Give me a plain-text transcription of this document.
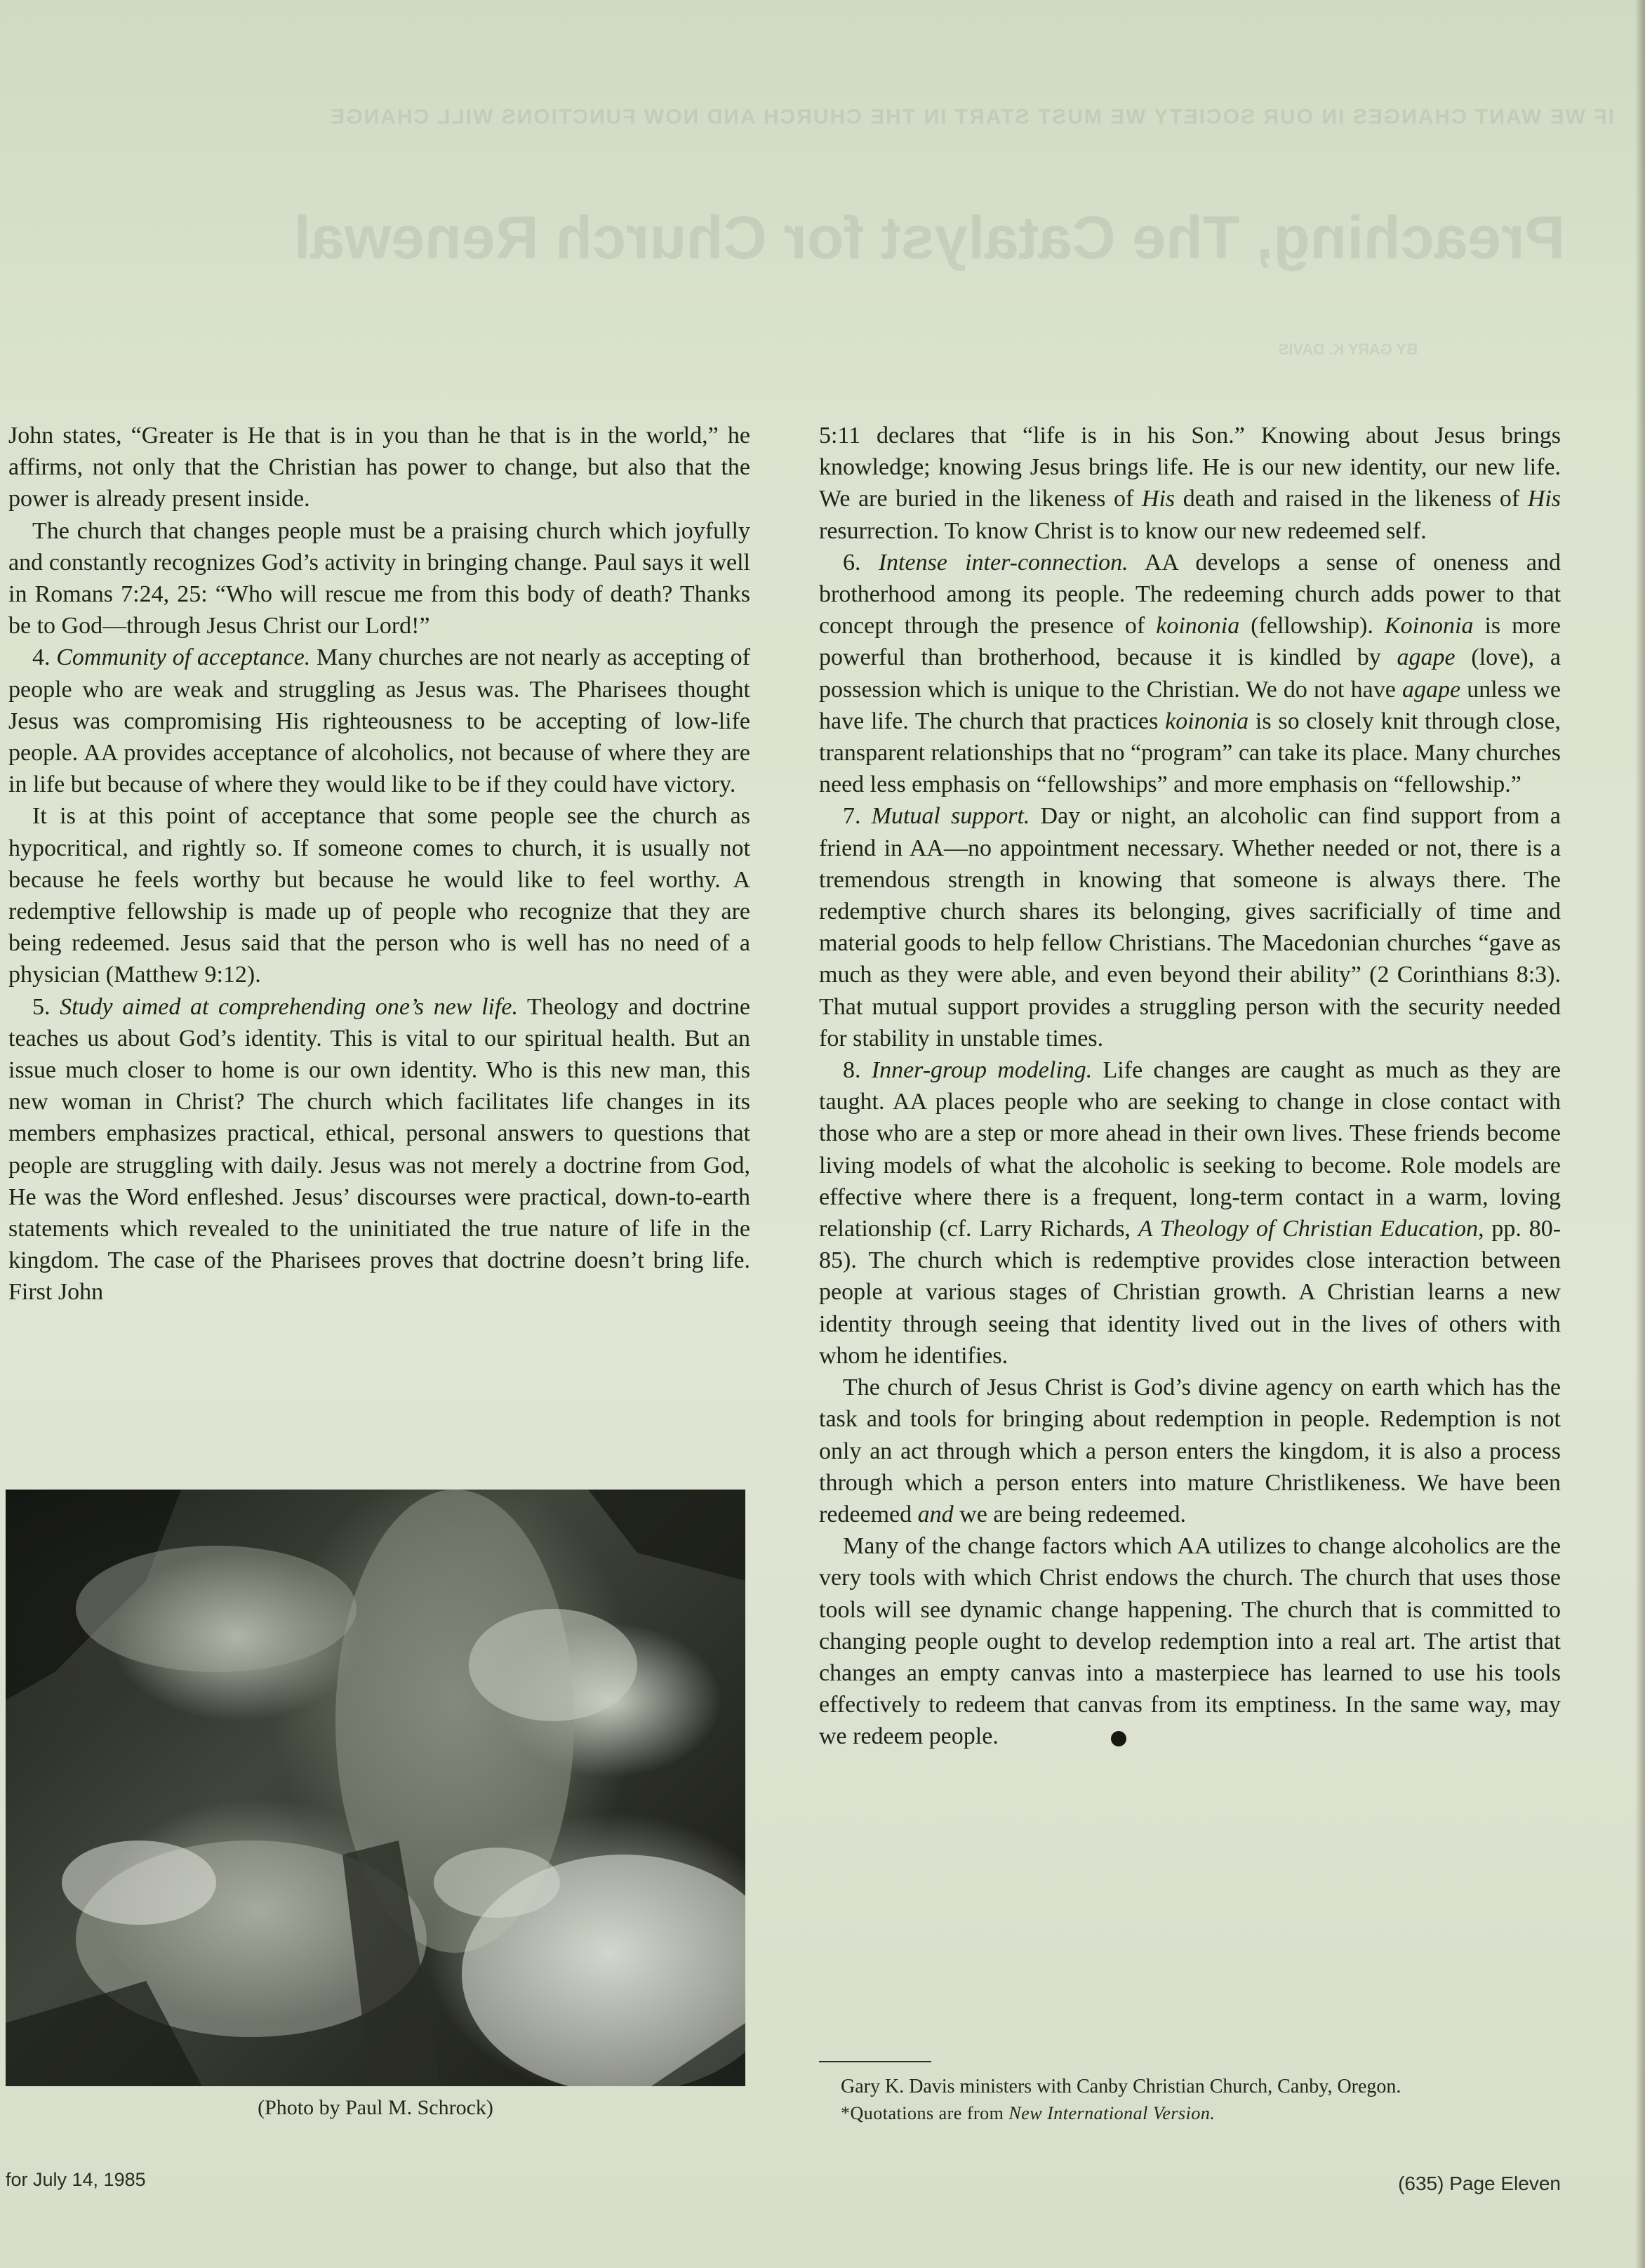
IF WE WANT CHANGES IN OUR SOCIETY WE MUST START IN THE CHURCH AND NOW FUNCTIONS WILL CHANGE
Preaching, The Catalyst for Church Renewal
BY GARY K. DAVIS

John states, “Greater is He that is in you than he that is in the world,” he affirms, not only that the Christian has power to change, but also that the power is already present inside.

The church that changes people must be a praising church which joyfully and constantly recognizes God’s activity in bringing change. Paul says it well in Romans 7:24, 25: “Who will rescue me from this body of death? Thanks be to God—through Jesus Christ our Lord!”

4. Community of acceptance. Many churches are not nearly as accepting of people who are weak and struggling as Jesus was. The Pharisees thought Jesus was compromising His righteousness to be accepting of low-life people. AA provides acceptance of alcoholics, not because of where they are in life but because of where they would like to be if they could have victory.

It is at this point of acceptance that some people see the church as hypocritical, and rightly so. If someone comes to church, it is usually not because he feels worthy but because he would like to feel worthy. A redemptive fellowship is made up of people who recognize that they are being redeemed. Jesus said that the person who is well has no need of a physician (Matthew 9:12).

5. Study aimed at comprehending one’s new life. Theology and doctrine teaches us about God’s identity. This is vital to our spiritual health. But an issue much closer to home is our own identity. Who is this new man, this new woman in Christ? The church which facilitates life changes in its members emphasizes practical, ethical, personal answers to questions that people are struggling with daily. Jesus was not merely a doctrine from God, He was the Word enfleshed. Jesus’ discourses were practical, down-to-earth statements which revealed to the uninitiated the true nature of life in the kingdom. The case of the Pharisees proves that doctrine doesn’t bring life. First John

5:11 declares that “life is in his Son.” Knowing about Jesus brings knowledge; knowing Jesus brings life. He is our new identity, our new life. We are buried in the likeness of His death and raised in the likeness of His resurrection. To know Christ is to know our new redeemed self.

6. Intense inter-connection. AA develops a sense of oneness and brotherhood among its people. The redeeming church adds power to that concept through the presence of koinonia (fellowship). Koinonia is more powerful than brotherhood, because it is kindled by agape (love), a possession which is unique to the Christian. We do not have agape unless we have life. The church that practices koinonia is so closely knit through close, transparent relationships that no “program” can take its place. Many churches need less emphasis on “fellowships” and more emphasis on “fellowship.”

7. Mutual support. Day or night, an alcoholic can find support from a friend in AA—no appointment necessary. Whether needed or not, there is a tremendous strength in knowing that someone is always there. The redemptive church shares its belonging, gives sacrificially of time and material goods to help fellow Christians. The Macedonian churches “gave as much as they were able, and even beyond their ability” (2 Corinthians 8:3). That mutual support provides a struggling person with the security needed for stability in unstable times.

8. Inner-group modeling. Life changes are caught as much as they are taught. AA places people who are seeking to change in close contact with those who are a step or more ahead in their own lives. These friends become living models of what the alcoholic is seeking to become. Role models are effective where there is a frequent, long-term contact in a warm, loving relationship (cf. Larry Richards, A Theology of Christian Education, pp. 80-85). The church which is redemptive provides close interaction between people at various stages of Christian growth. A Christian learns a new identity through seeing that identity lived out in the lives of others with whom he identifies.

The church of Jesus Christ is God’s divine agency on earth which has the task and tools for bringing about redemption in people. Redemption is not only an act through which a person enters the kingdom, it is also a process through which a person enters into mature Christlikeness. We have been redeemed and we are being redeemed.

Many of the change factors which AA utilizes to change alcoholics are the very tools with which Christ endows the church. The church that uses those tools will see dynamic change happening. The church that is committed to changing people ought to develop redemption into a real art. The artist that changes an empty canvas into a masterpiece has learned to use his tools effectively to redeem that canvas from its emptiness. In the same way, may we redeem people.

(Photo by Paul M. Schrock)
Gary K. Davis ministers with Canby Christian Church, Canby, Oregon.
*Quotations are from New International Version.
for July 14, 1985	(635) Page Eleven
